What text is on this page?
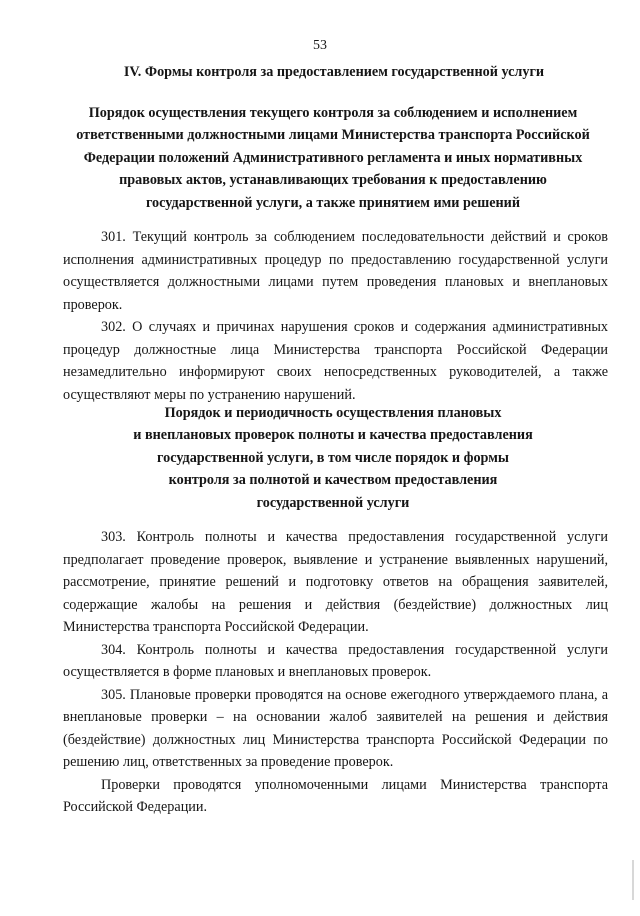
53
IV. Формы контроля за предоставлением государственной услуги
Порядок осуществления текущего контроля за соблюдением и исполнением
ответственными должностными лицами Министерства транспорта Российской
Федерации положений Административного регламента и иных нормативных
правовых актов, устанавливающих требования к предоставлению
государственной услуги, а также принятием ими решений

301. Текущий контроль за соблюдением последовательности действий и сроков исполнения административных процедур по предоставлению государственной услуги осуществляется должностными лицами путем проведения плановых и внеплановых проверок.

302. О случаях и причинах нарушения сроков и содержания административных процедур должностные лица Министерства транспорта Российской Федерации незамедлительно информируют своих непосредственных руководителей, а также осуществляют меры по устранению нарушений.

Порядок и периодичность осуществления плановых
и внеплановых проверок полноты и качества предоставления
государственной услуги, в том числе порядок и формы
контроля за полнотой и качеством предоставления
государственной услуги

303. Контроль полноты и качества предоставления государственной услуги предполагает проведение проверок, выявление и устранение выявленных нарушений, рассмотрение, принятие решений и подготовку ответов на обращения заявителей, содержащие жалобы на решения и действия (бездействие) должностных лиц Министерства транспорта Российской Федерации.

304. Контроль полноты и качества предоставления государственной услуги осуществляется в форме плановых и внеплановых проверок.

305. Плановые проверки проводятся на основе ежегодного утверждаемого плана, а внеплановые проверки – на основании жалоб заявителей на решения и действия (бездействие) должностных лиц Министерства транспорта Российской Федерации по решению лиц, ответственных за проведение проверок.

Проверки проводятся уполномоченными лицами Министерства транспорта Российской Федерации.
